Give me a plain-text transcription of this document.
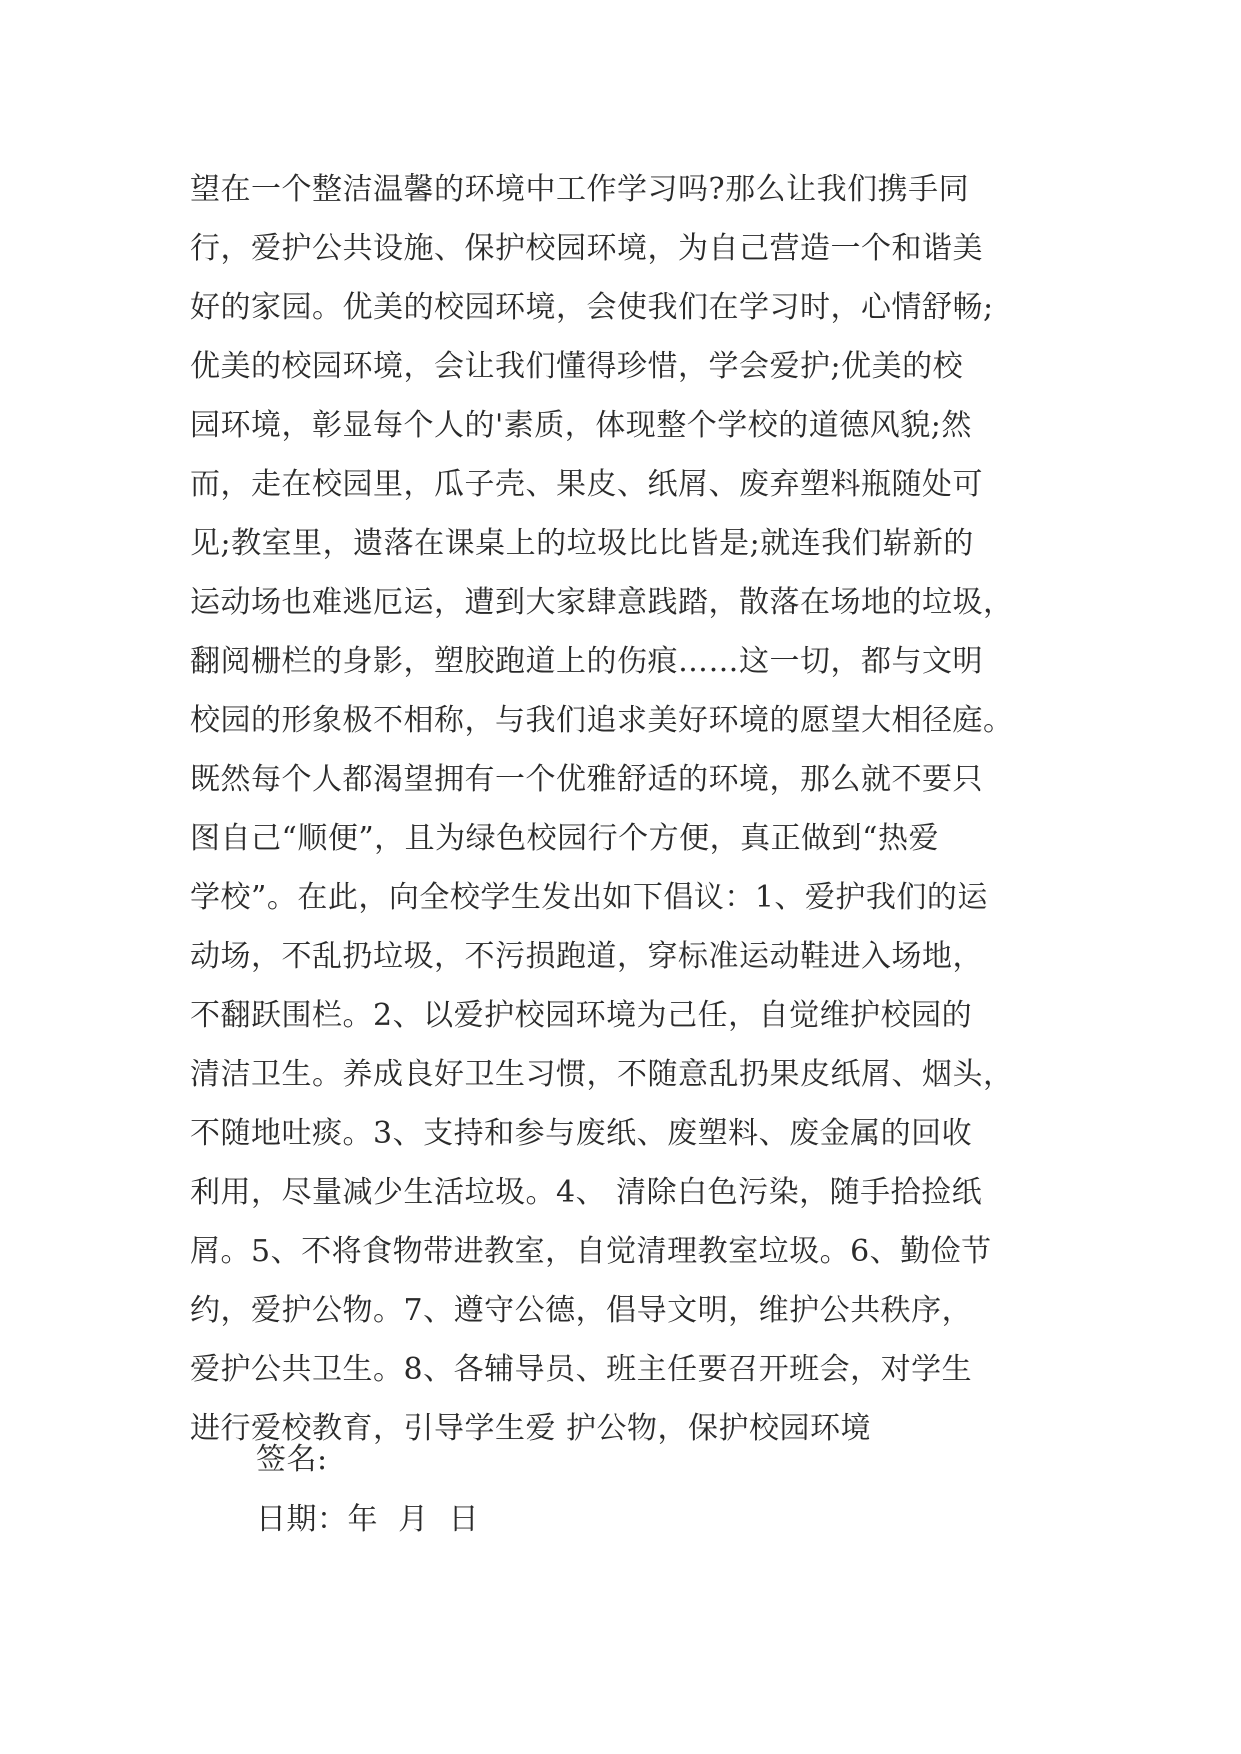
望在一个整洁温馨的环境中工作学习吗?那么让我们携手同
行，爱护公共设施、保护校园环境，为自己营造一个和谐美
好的家园。优美的校园环境，会使我们在学习时，心情舒畅;
优美的校园环境，会让我们懂得珍惜，学会爱护;优美的校
园环境，彰显每个人的'素质，体现整个学校的道德风貌;然
而，走在校园里，瓜子壳、果皮、纸屑、废弃塑料瓶随处可
见;教室里，遗落在课桌上的垃圾比比皆是;就连我们崭新的
运动场也难逃厄运，遭到大家肆意践踏，散落在场地的垃圾，
翻阅栅栏的身影，塑胶跑道上的伤痕……这一切，都与文明
校园的形象极不相称，与我们追求美好环境的愿望大相径庭。
既然每个人都渴望拥有一个优雅舒适的环境，那么就不要只
图自己“顺便”，且为绿色校园行个方便，真正做到“热爱
学校”。在此，向全校学生发出如下倡议：1、爱护我们的运
动场，不乱扔垃圾，不污损跑道，穿标准运动鞋进入场地，
不翻跃围栏。2、以爱护校园环境为己任，自觉维护校园的
清洁卫生。养成良好卫生习惯，不随意乱扔果皮纸屑、烟头，
不随地吐痰。3、支持和参与废纸、废塑料、废金属的回收
利用，尽量减少生活垃圾。4、 清除白色污染，随手拾捡纸
屑。5、不将食物带进教室，自觉清理教室垃圾。6、勤俭节
约，爱护公物。7、遵守公德，倡导文明，维护公共秩序，
爱护公共卫生。8、各辅导员、班主任要召开班会，对学生
进行爱校教育，引导学生爱 护公物，保护校园环境
签名:
日期：年  月  日
